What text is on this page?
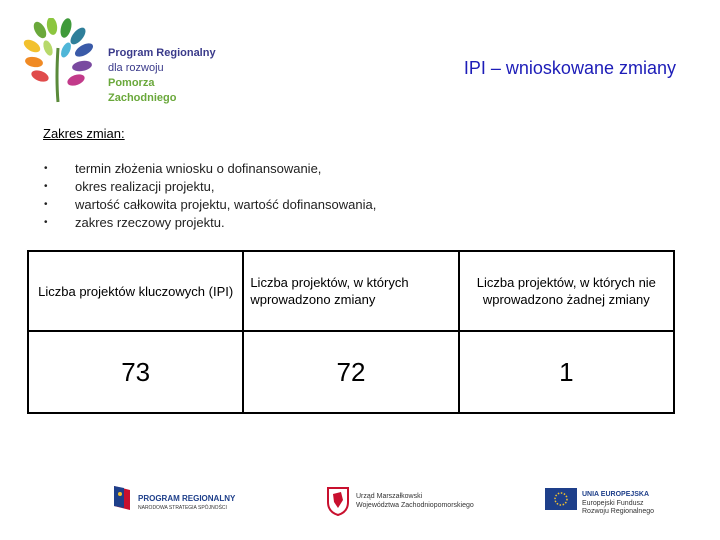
Program Regionalny
dla rozwoju
Pomorza Zachodniego
IPI – wnioskowane zmiany
Zakres zmian:
• termin złożenia wniosku o dofinansowanie,
• okres realizacji projektu,
• wartość całkowita projektu, wartość dofinansowania,
• zakres rzeczowy projektu.
Liczba projektów kluczowych (IPI)	Liczba projektów, w których wprowadzono zmiany	Liczba projektów, w których nie wprowadzono żadnej zmiany
73	72	1
PROGRAM REGIONALNY
NARODOWA STRATEGIA SPÓJNOŚCI
Urząd Marszałkowski
Województwa Zachodniopomorskiego
UNIA EUROPEJSKA
Europejski Fundusz
Rozwoju Regionalnego
